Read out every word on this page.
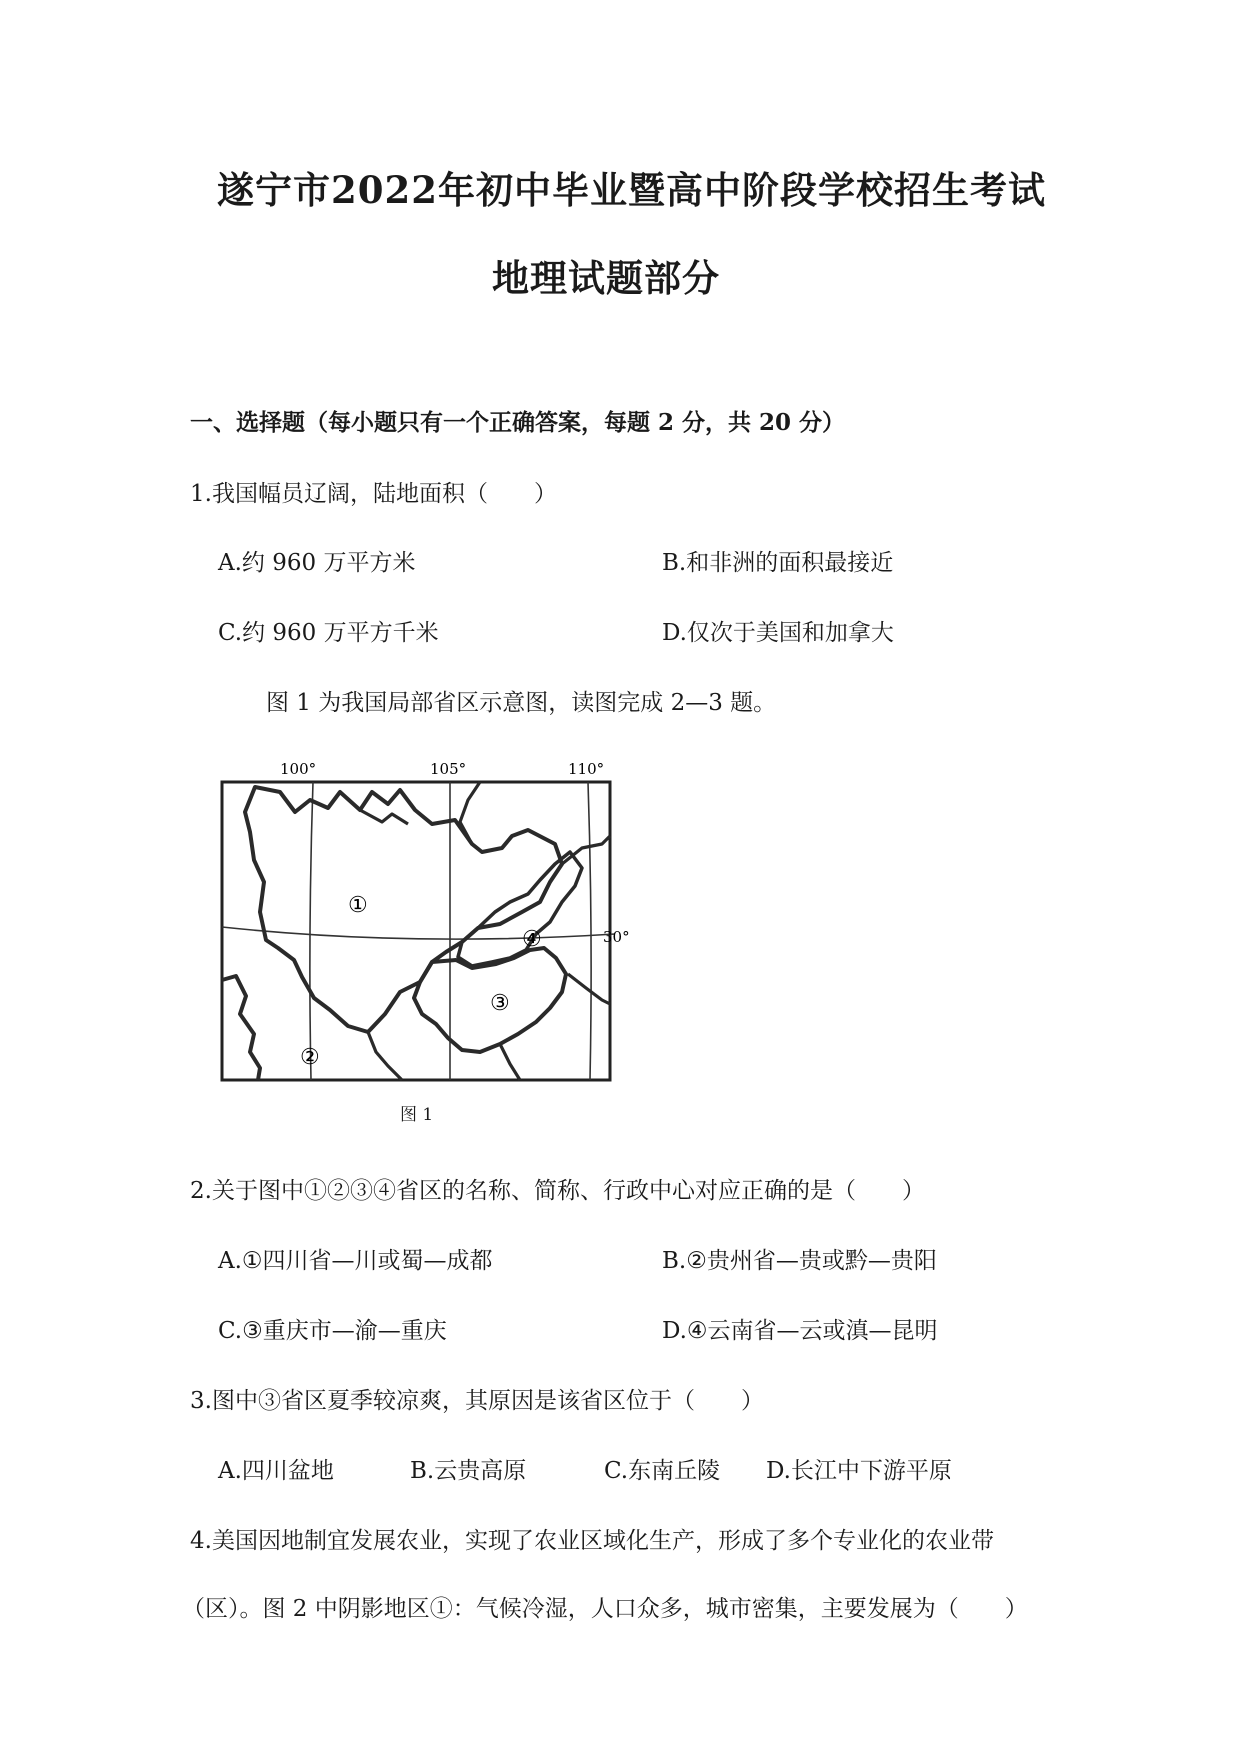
遂宁市2022年初中毕业暨高中阶段学校招生考试
地理试题部分
一、选择题（每小题只有一个正确答案，每题 2 分，共 20 分）
1.我国幅员辽阔，陆地面积（　　）
A.约 960 万平方米	B.和非洲的面积最接近
C.约 960 万平方千米	D.仅次于美国和加拿大
图 1 为我国局部省区示意图，读图完成 2—3 题。
100°	105°	110°
30°
①
②
③
④
图 1
2.关于图中①②③④省区的名称、简称、行政中心对应正确的是（　　）
A.①四川省—川或蜀—成都	B.②贵州省—贵或黔—贵阳
C.③重庆市—渝—重庆	D.④云南省—云或滇—昆明
3.图中③省区夏季较凉爽，其原因是该省区位于（　　）
A.四川盆地	B.云贵高原	C.东南丘陵 D.长江中下游平原
4.美国因地制宜发展农业，实现了农业区域化生产，形成了多个专业化的农业带
（区）。图 2 中阴影地区①：气候冷湿，人口众多，城市密集，主要发展为（　　）
